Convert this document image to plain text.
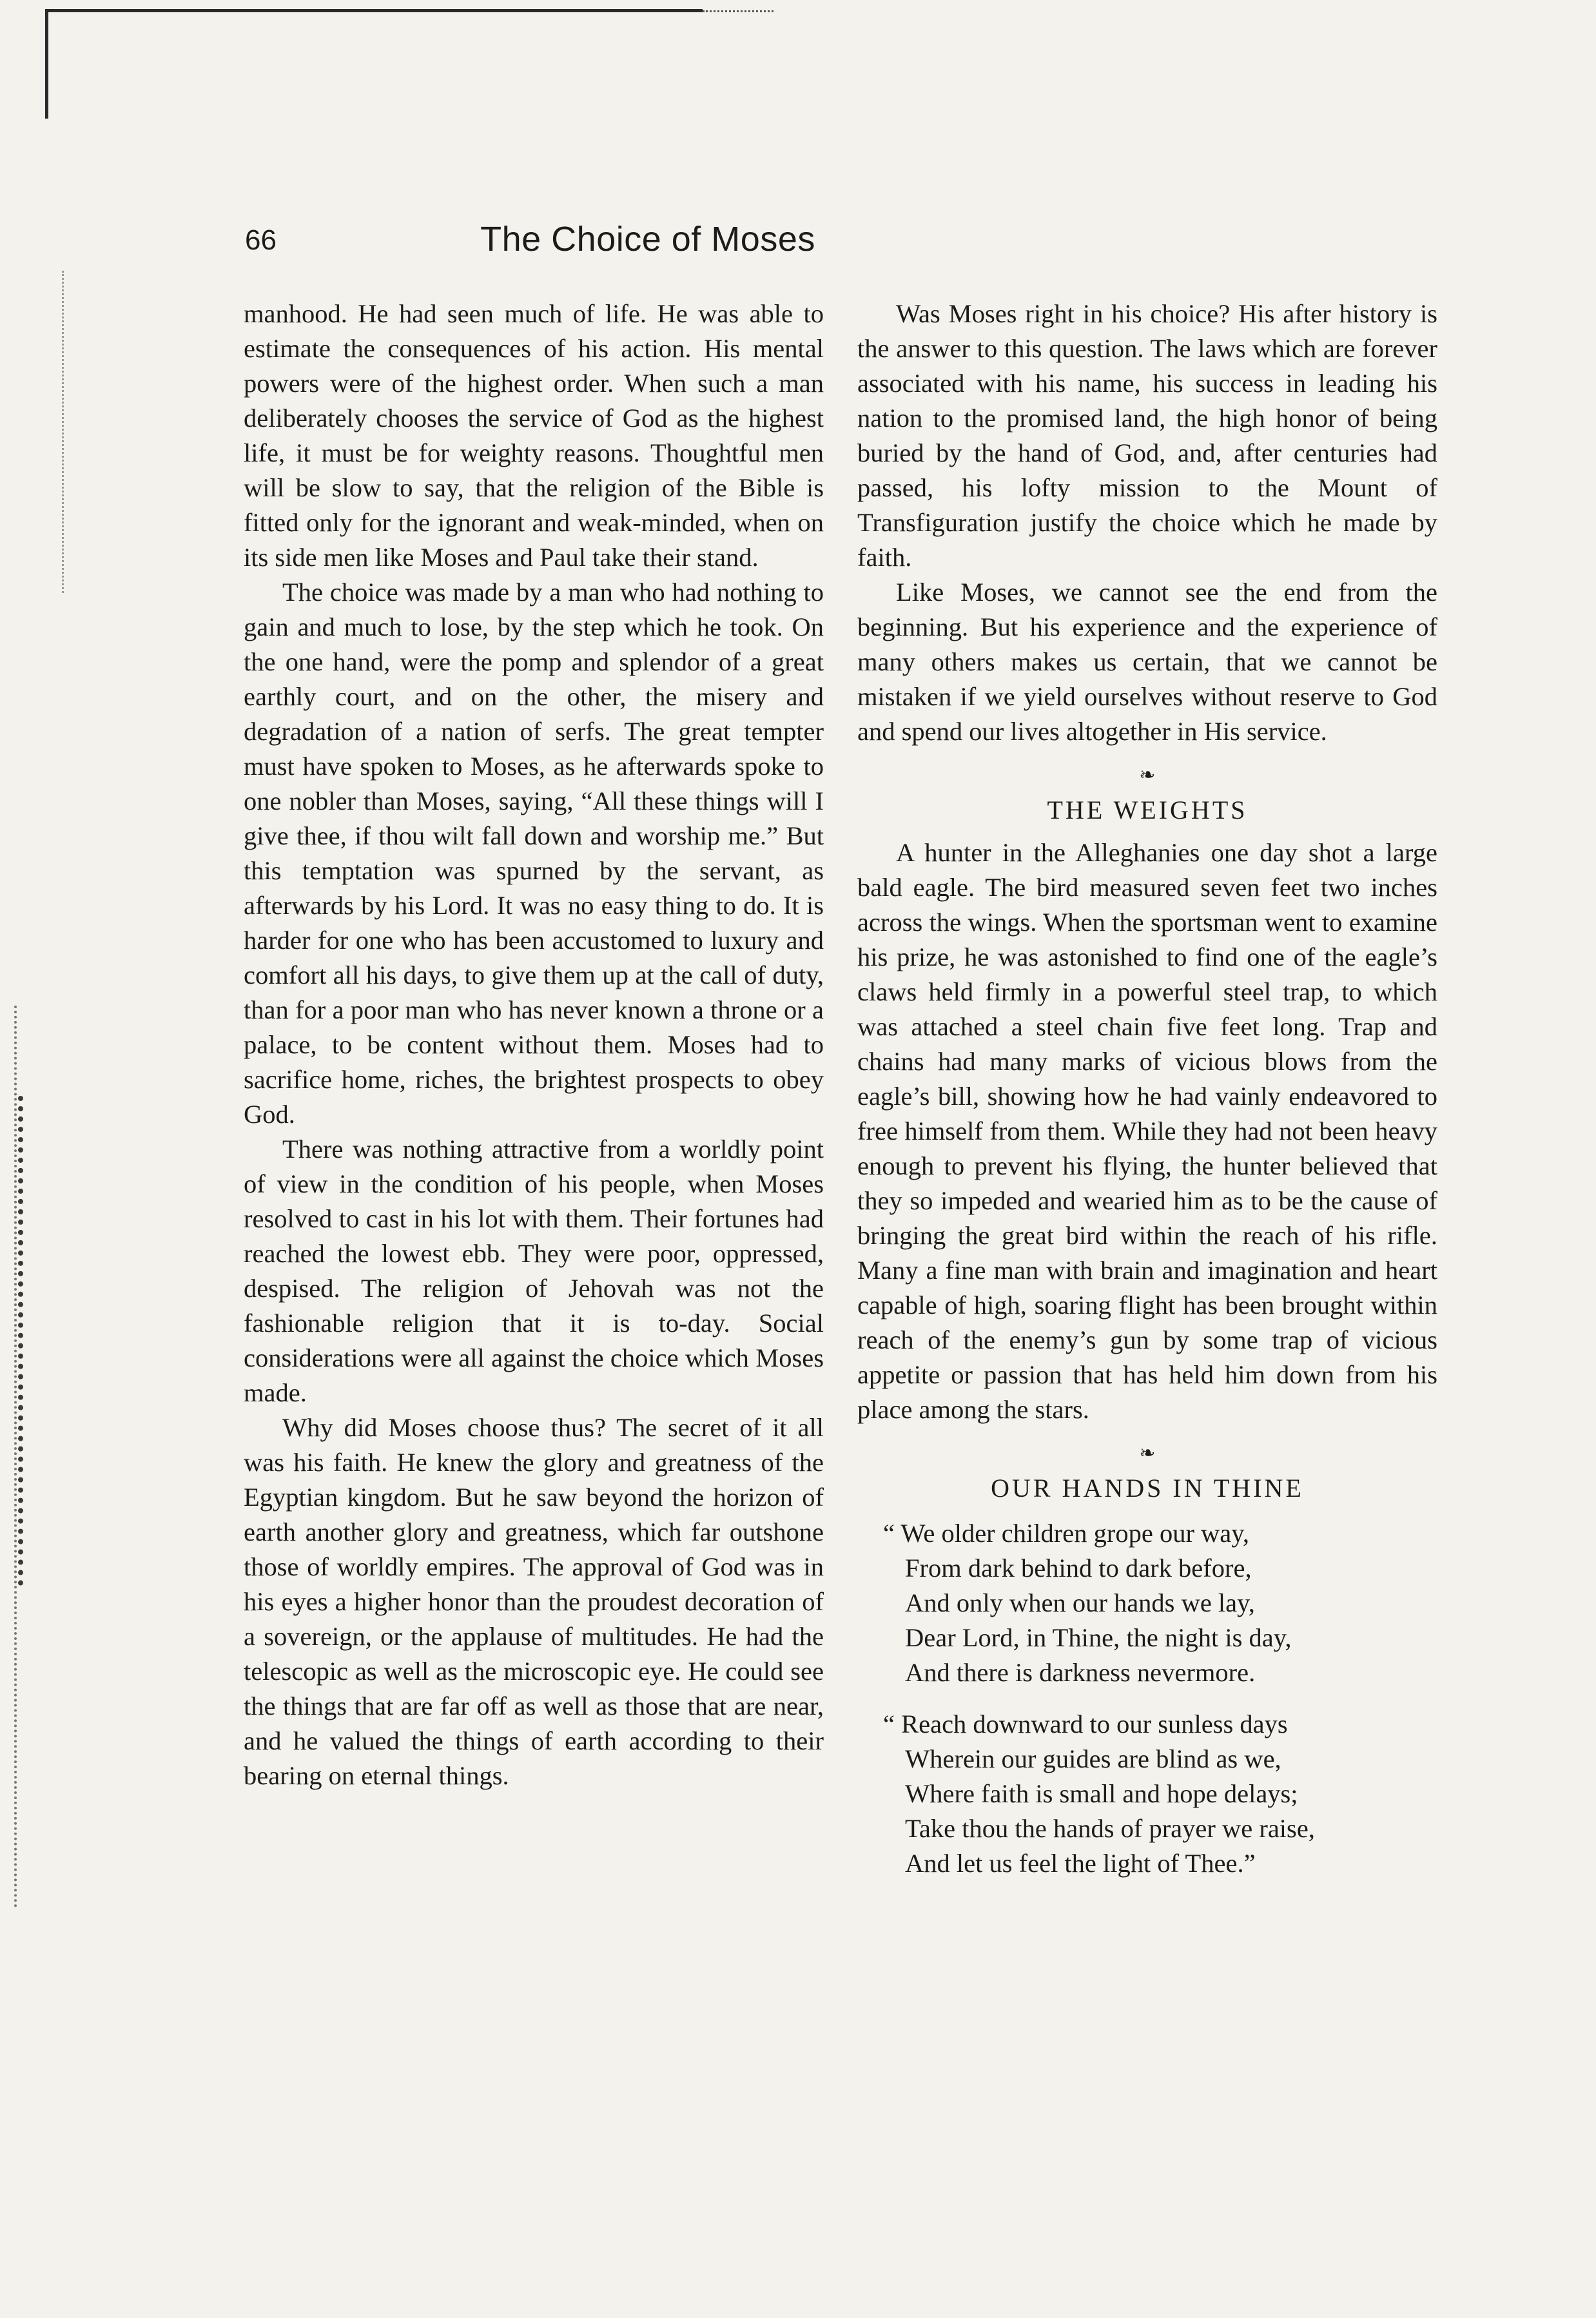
66	The Choice of Moses

manhood. He had seen much of life. He was able to estimate the consequences of his action. His mental powers were of the highest order. When such a man deliberately chooses the service of God as the highest life, it must be for weighty reasons. Thoughtful men will be slow to say, that the religion of the Bible is fitted only for the ignorant and weak-minded, when on its side men like Moses and Paul take their stand.

The choice was made by a man who had nothing to gain and much to lose, by the step which he took. On the one hand, were the pomp and splendor of a great earthly court, and on the other, the misery and degradation of a nation of serfs. The great tempter must have spoken to Moses, as he afterwards spoke to one nobler than Moses, saying, “All these things will I give thee, if thou wilt fall down and worship me.” But this temptation was spurned by the servant, as afterwards by his Lord. It was no easy thing to do. It is harder for one who has been accustomed to luxury and comfort all his days, to give them up at the call of duty, than for a poor man who has never known a throne or a palace, to be content without them. Moses had to sacrifice home, riches, the brightest prospects to obey God.

There was nothing attractive from a worldly point of view in the condition of his people, when Moses resolved to cast in his lot with them. Their fortunes had reached the lowest ebb. They were poor, oppressed, despised. The religion of Jehovah was not the fashionable religion that it is to-day. Social considerations were all against the choice which Moses made.

Why did Moses choose thus? The secret of it all was his faith. He knew the glory and greatness of the Egyptian kingdom. But he saw beyond the horizon of earth another glory and greatness, which far outshone those of worldly empires. The approval of God was in his eyes a higher honor than the proudest decoration of a sovereign, or the applause of multitudes. He had the telescopic as well as the microscopic eye. He could see the things that are far off as well as those that are near, and he valued the things of earth according to their bearing on eternal things.

Was Moses right in his choice? His after history is the answer to this question. The laws which are forever associated with his name, his success in leading his nation to the promised land, the high honor of being buried by the hand of God, and, after centuries had passed, his lofty mission to the Mount of Transfiguration justify the choice which he made by faith.

Like Moses, we cannot see the end from the beginning. But his experience and the experience of many others makes us certain, that we cannot be mistaken if we yield ourselves without reserve to God and spend our lives altogether in His service.

❧
THE WEIGHTS

A hunter in the Alleghanies one day shot a large bald eagle. The bird measured seven feet two inches across the wings. When the sportsman went to examine his prize, he was astonished to find one of the eagle’s claws held firmly in a powerful steel trap, to which was attached a steel chain five feet long. Trap and chains had many marks of vicious blows from the eagle’s bill, showing how he had vainly endeavored to free himself from them. While they had not been heavy enough to prevent his flying, the hunter believed that they so impeded and wearied him as to be the cause of bringing the great bird within the reach of his rifle. Many a fine man with brain and imagination and heart capable of high, soaring flight has been brought within reach of the enemy’s gun by some trap of vicious appetite or passion that has held him down from his place among the stars.

❧
OUR HANDS IN THINE
“ We older children grope our way,
From dark behind to dark before,
And only when our hands we lay,
Dear Lord, in Thine, the night is day,
And there is darkness nevermore.
“ Reach downward to our sunless days
Wherein our guides are blind as we,
Where faith is small and hope delays;
Take thou the hands of prayer we raise,
And let us feel the light of Thee.”
